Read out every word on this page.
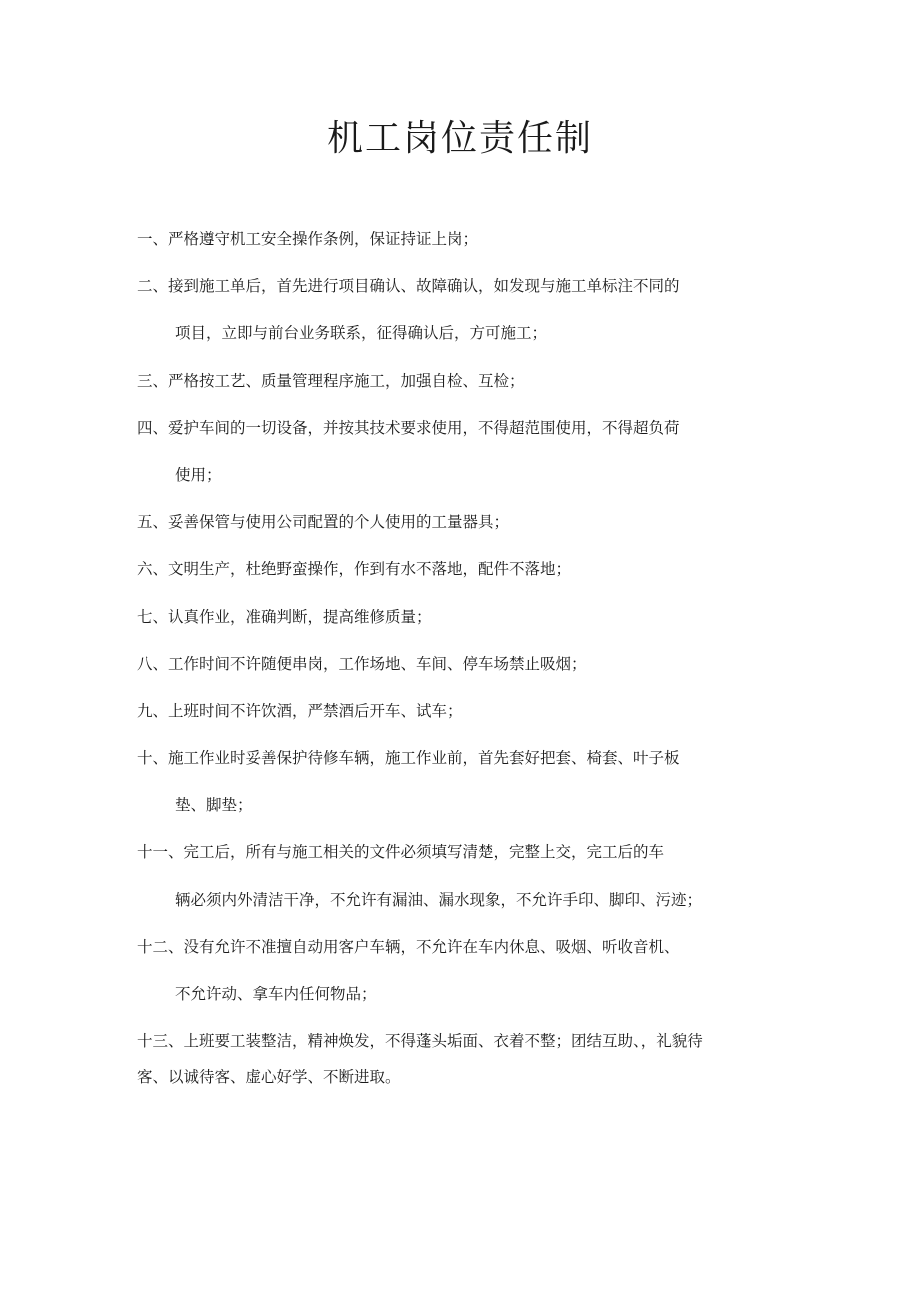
机工岗位责任制
一、严格遵守机工安全操作条例，保证持证上岗；
二、接到施工单后，首先进行项目确认、故障确认，如发现与施工单标注不同的
项目，立即与前台业务联系，征得确认后，方可施工；
三、严格按工艺、质量管理程序施工，加强自检、互检；
四、爱护车间的一切设备，并按其技术要求使用，不得超范围使用，不得超负荷
使用；
五、妥善保管与使用公司配置的个人使用的工量器具；
六、文明生产，杜绝野蛮操作，作到有水不落地，配件不落地；
七、认真作业，准确判断，提高维修质量；
八、工作时间不许随便串岗，工作场地、车间、停车场禁止吸烟；
九、上班时间不许饮酒，严禁酒后开车、试车；
十、施工作业时妥善保护待修车辆，施工作业前，首先套好把套、椅套、叶子板
垫、脚垫；
十一、完工后，所有与施工相关的文件必须填写清楚，完整上交，完工后的车
辆必须内外清洁干净，不允许有漏油、漏水现象，不允许手印、脚印、污迹；
十二、没有允许不准擅自动用客户车辆，不允许在车内休息、吸烟、听收音机、
不允许动、拿车内任何物品；
十三、上班要工装整洁，精神焕发，不得蓬头垢面、衣着不整；团结互助、，礼貌待
客、以诚待客、虚心好学、不断进取。
